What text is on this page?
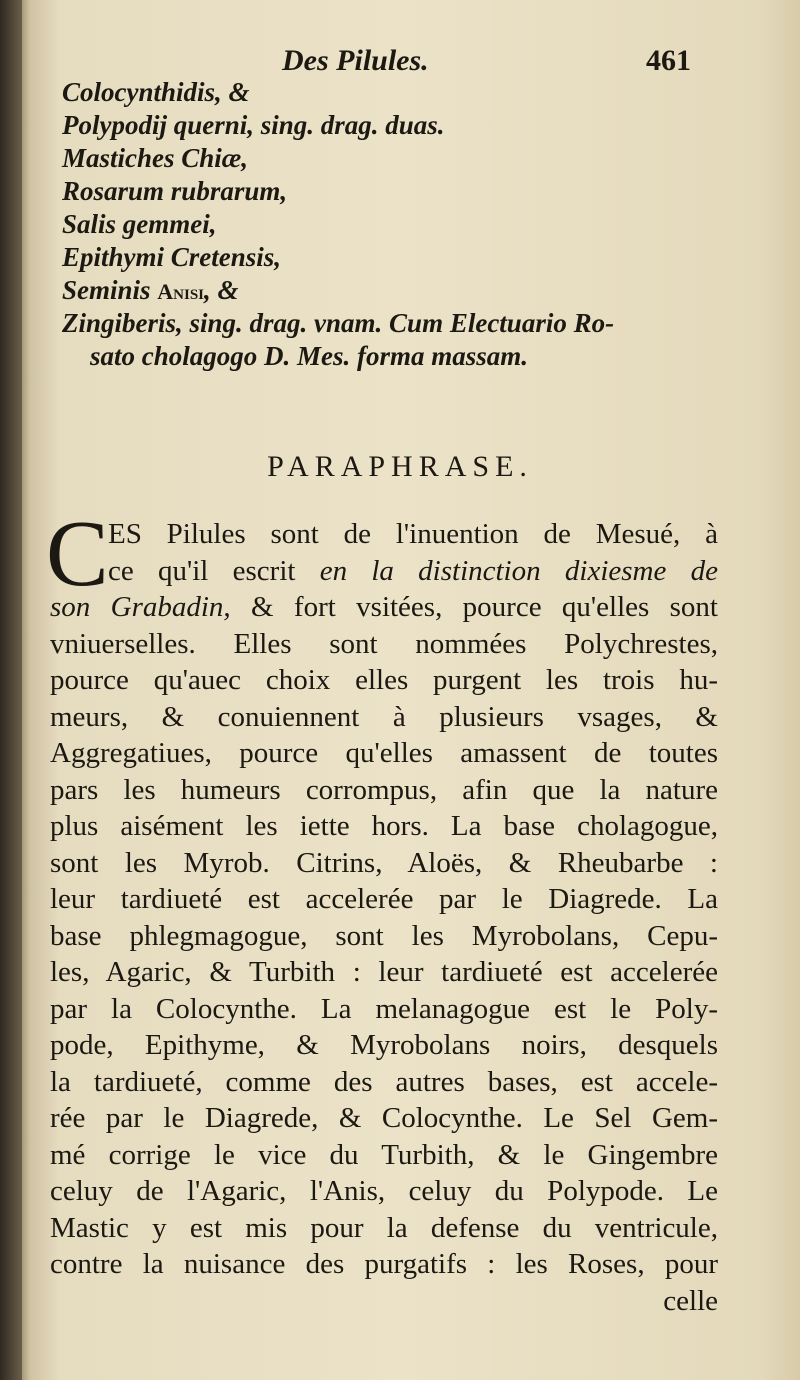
Des Pilules.	461
Colocynthidis, &
Polypodij querni, sing. drag. duas.
Mastiches Chiæ,
Rosarum rubrarum,
Salis gemmei,
Epithymi Cretensis,
Seminis Anisi, &
Zingiberis, sing. drag. vnam. Cum Electuario Ro-
sato cholagogo D. Mes. forma massam.
PARAPHRASE.
C ES Pilules sont de l'inuention de Mesué, à
ce qu'il escrit en la distinction dixiesme de
son Grabadin, & fort vsitées, pource qu'elles sont
vniuerselles. Elles sont nommées Polychrestes,
pource qu'auec choix elles purgent les trois hu-
meurs, & conuiennent à plusieurs vsages, &
Aggregatiues, pource qu'elles amassent de toutes
pars les humeurs corrompus, afin que la nature
plus aisément les iette hors. La base cholagogue,
sont les Myrob. Citrins, Aloës, & Rheubarbe :
leur tardiueté est accelerée par le Diagrede. La
base phlegmagogue, sont les Myrobolans, Cepu-
les, Agaric, & Turbith : leur tardiueté est accelerée
par la Colocynthe. La melanagogue est le Poly-
pode, Epithyme, & Myrobolans noirs, desquels
la tardiueté, comme des autres bases, est accele-
rée par le Diagrede, & Colocynthe. Le Sel Gem-
mé corrige le vice du Turbith, & le Gingembre
celuy de l'Agaric, l'Anis, celuy du Polypode. Le
Mastic y est mis pour la defense du ventricule,
contre la nuisance des purgatifs : les Roses, pour
celle
